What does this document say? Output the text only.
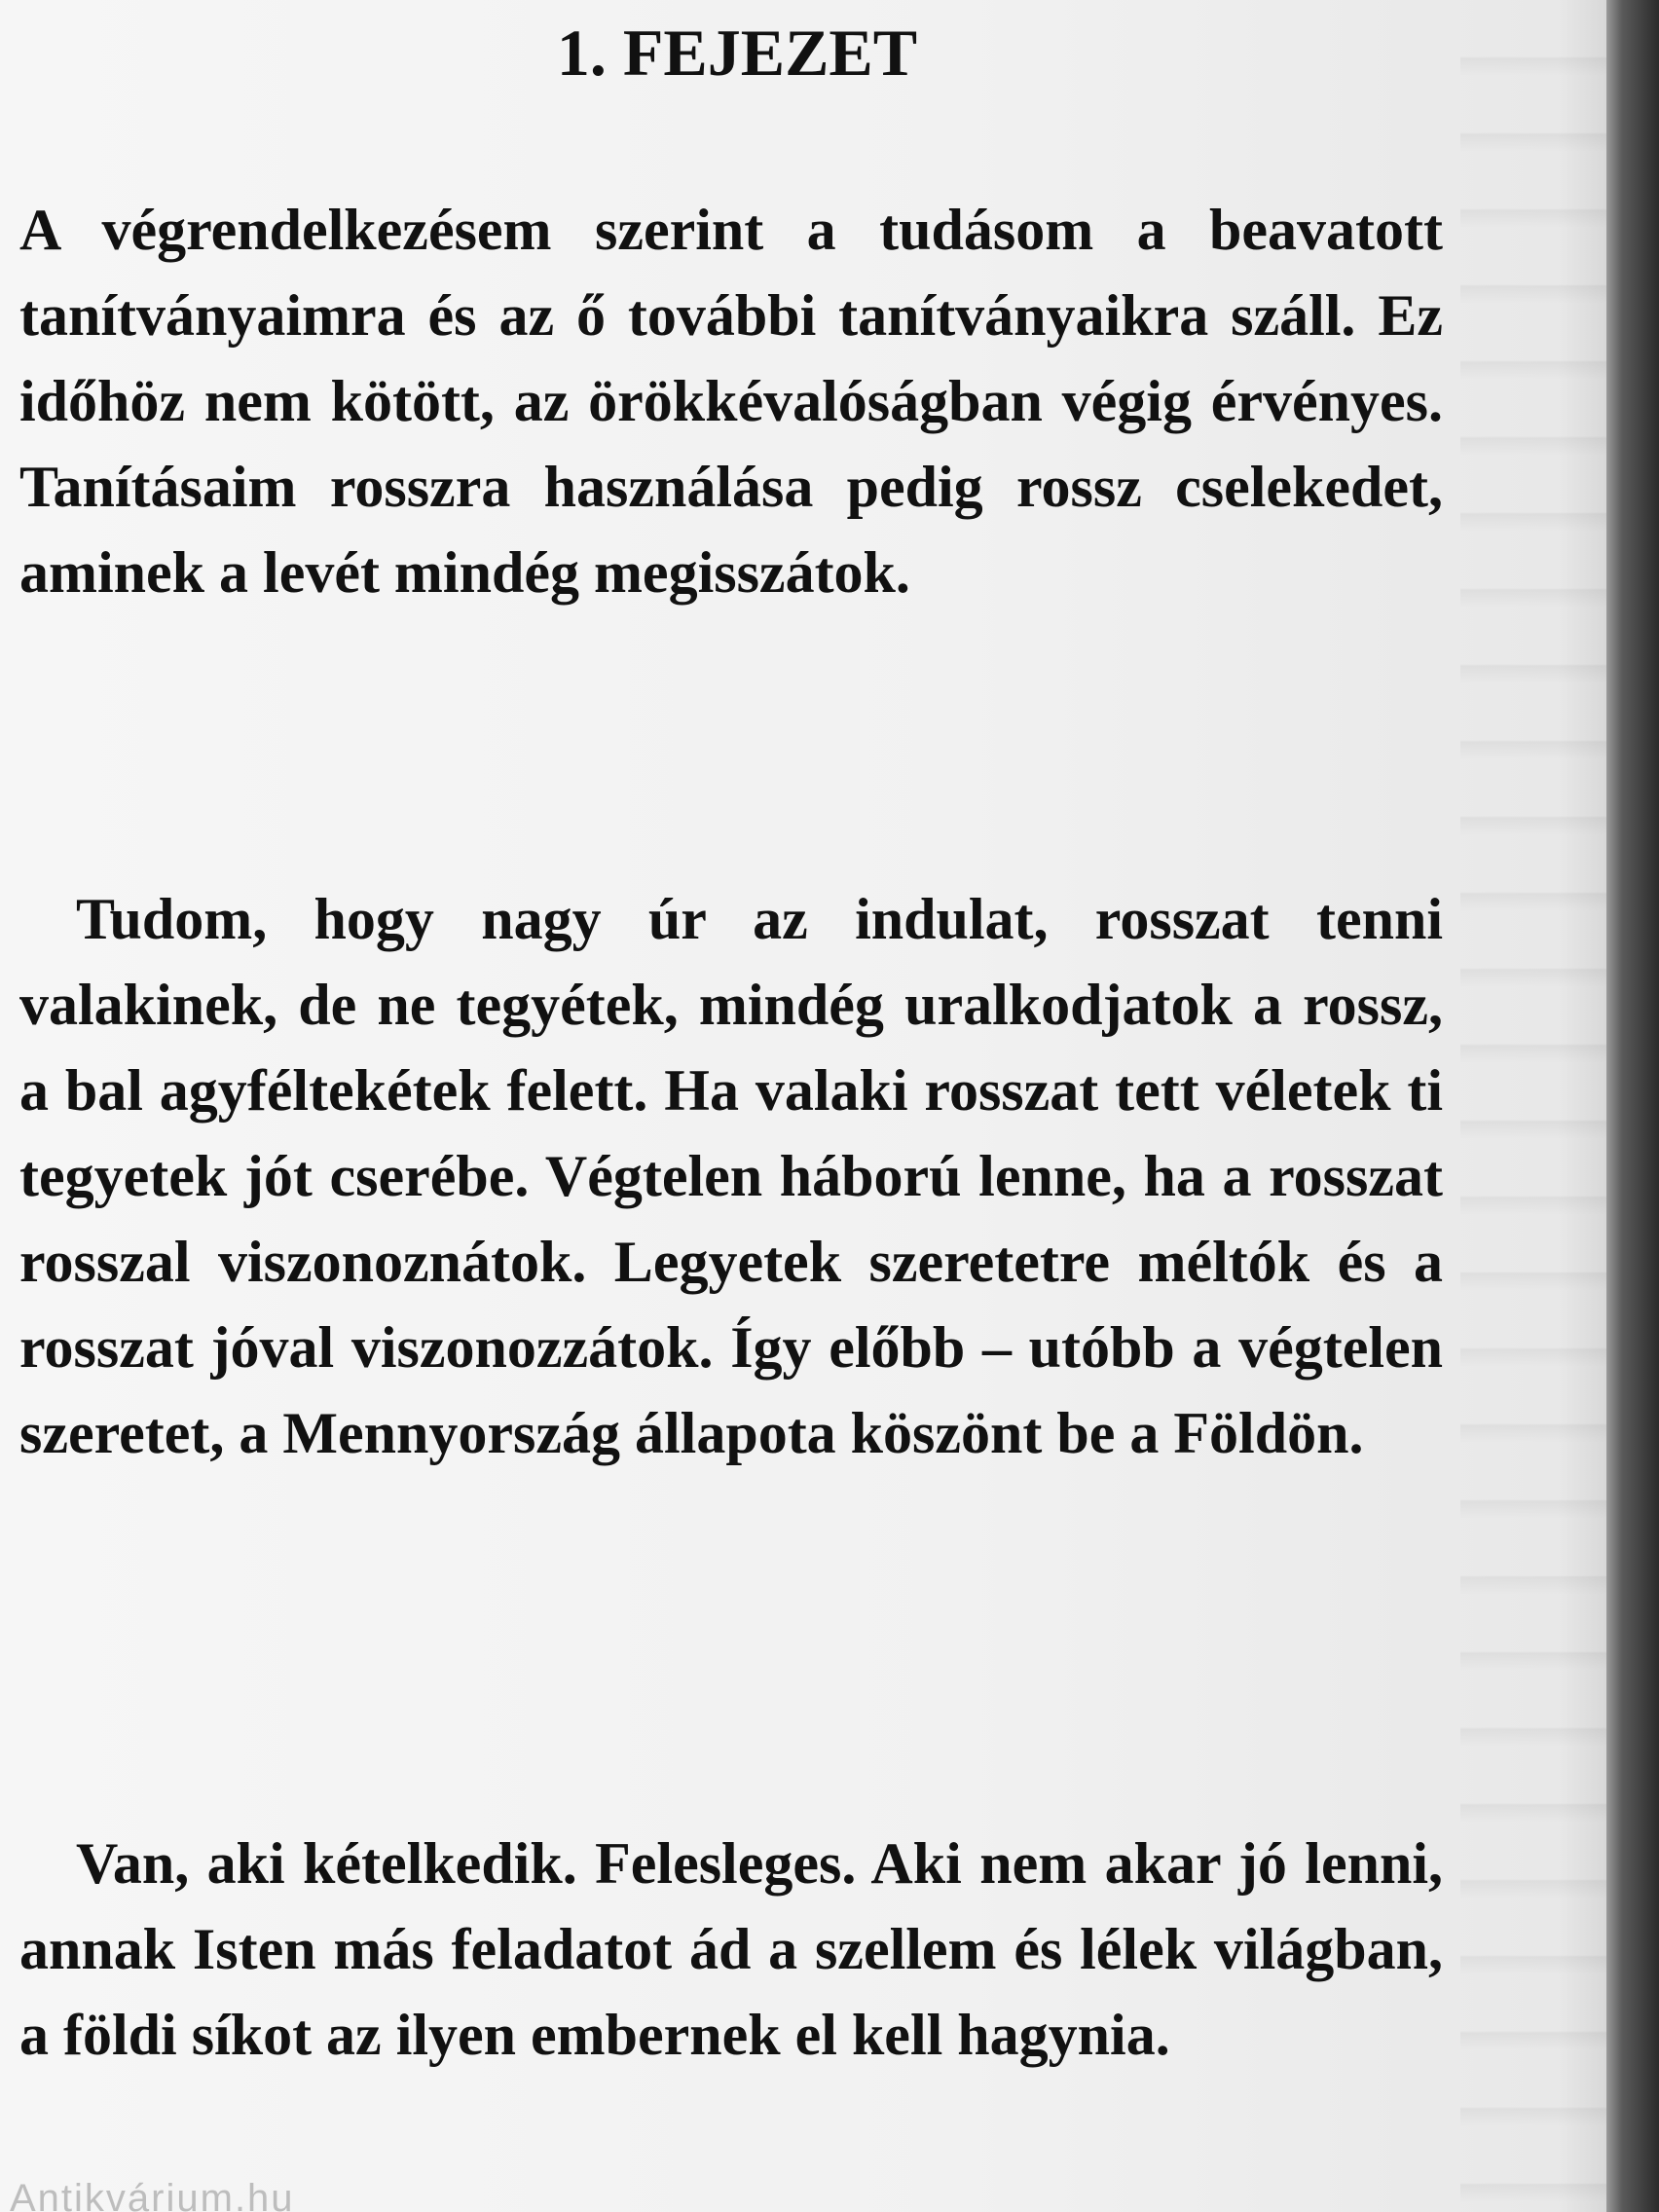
1. FEJEZET

A végrendelkezésem szerint a tudásom a beavatott tanítványaimra és az ő további tanítványaikra száll. Ez időhöz nem kötött, az örökkévalóságban végig érvényes. Tanításaim rosszra használása pedig rossz cselekedet, aminek a levét mindég megisszátok.

Tudom, hogy nagy úr az indulat, rosszat tenni valakinek, de ne tegyétek, mindég uralkodjatok a rossz, a bal agyféltekétek felett. Ha valaki rosszat tett véletek ti tegyetek jót cserébe. Végtelen háború lenne, ha a rosszat rosszal viszonoznátok. Legyetek szeretetre méltók és a rosszat jóval viszonozzátok. Így előbb – utóbb a végtelen szeretet, a Mennyország állapota köszönt be a Földön.

Van, aki kételkedik. Felesleges. Aki nem akar jó lenni, annak Isten más feladatot ád a szellem és lélek világban, a földi síkot az ilyen embernek el kell hagynia.

Antikvárium.hu
